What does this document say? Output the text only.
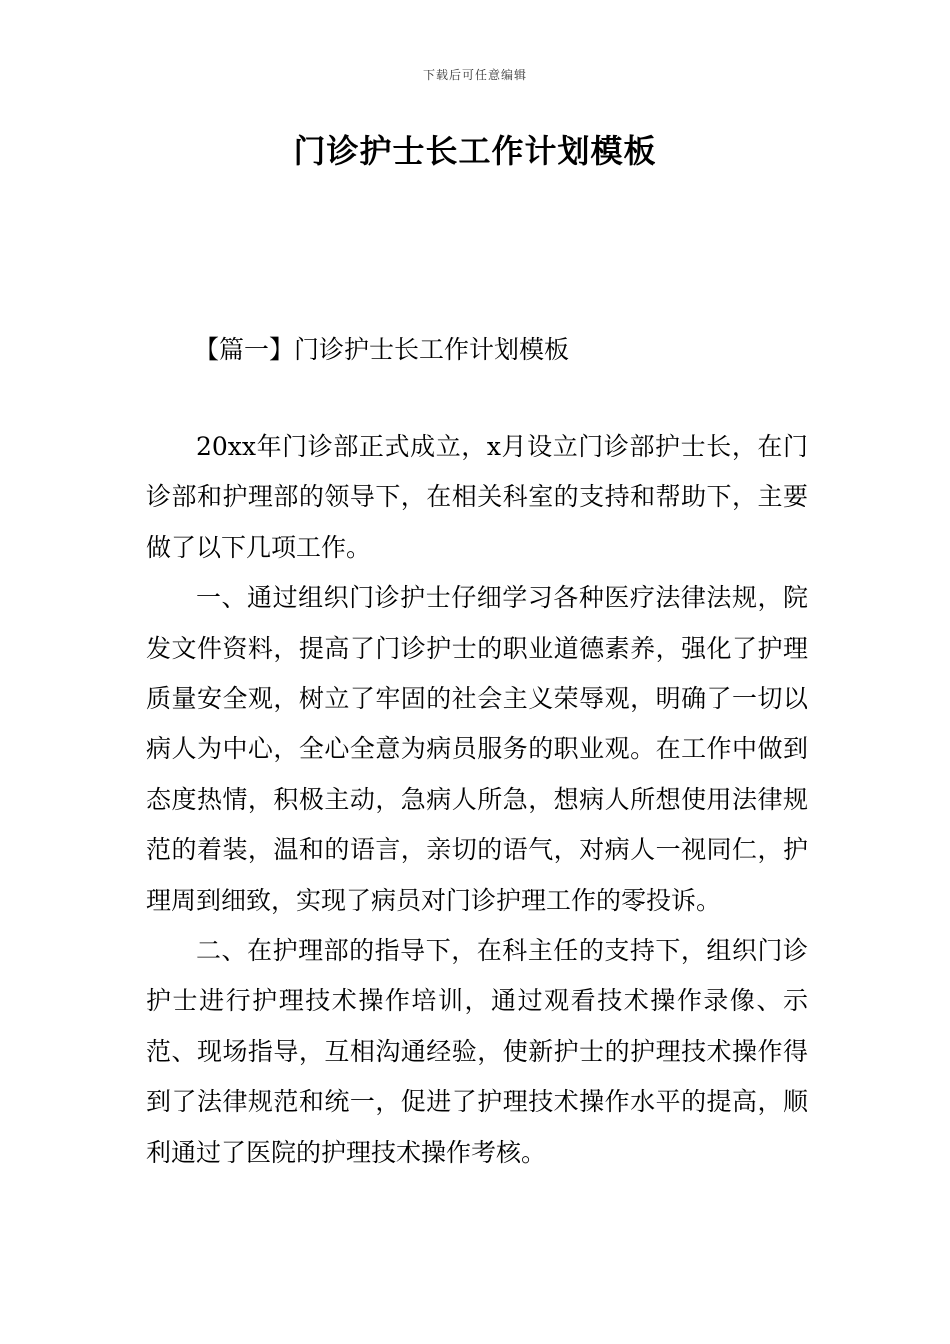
下载后可任意编辑
门诊护士长工作计划模板
【篇一】门诊护士长工作计划模板

20xx年门诊部正式成立，x月设立门诊部护士长，在门诊部和护理部的领导下，在相关科室的支持和帮助下，主要做了以下几项工作。

一、通过组织门诊护士仔细学习各种医疗法律法规，院发文件资料，提高了门诊护士的职业道德素养，强化了护理质量安全观，树立了牢固的社会主义荣辱观，明确了一切以病人为中心，全心全意为病员服务的职业观。在工作中做到态度热情，积极主动，急病人所急，想病人所想使用法律规范的着装，温和的语言，亲切的语气，对病人一视同仁，护理周到细致，实现了病员对门诊护理工作的零投诉。

二、在护理部的指导下，在科主任的支持下，组织门诊护士进行护理技术操作培训，通过观看技术操作录像、示范、现场指导，互相沟通经验，使新护士的护理技术操作得到了法律规范和统一，促进了护理技术操作水平的提高，顺利通过了医院的护理技术操作考核。
